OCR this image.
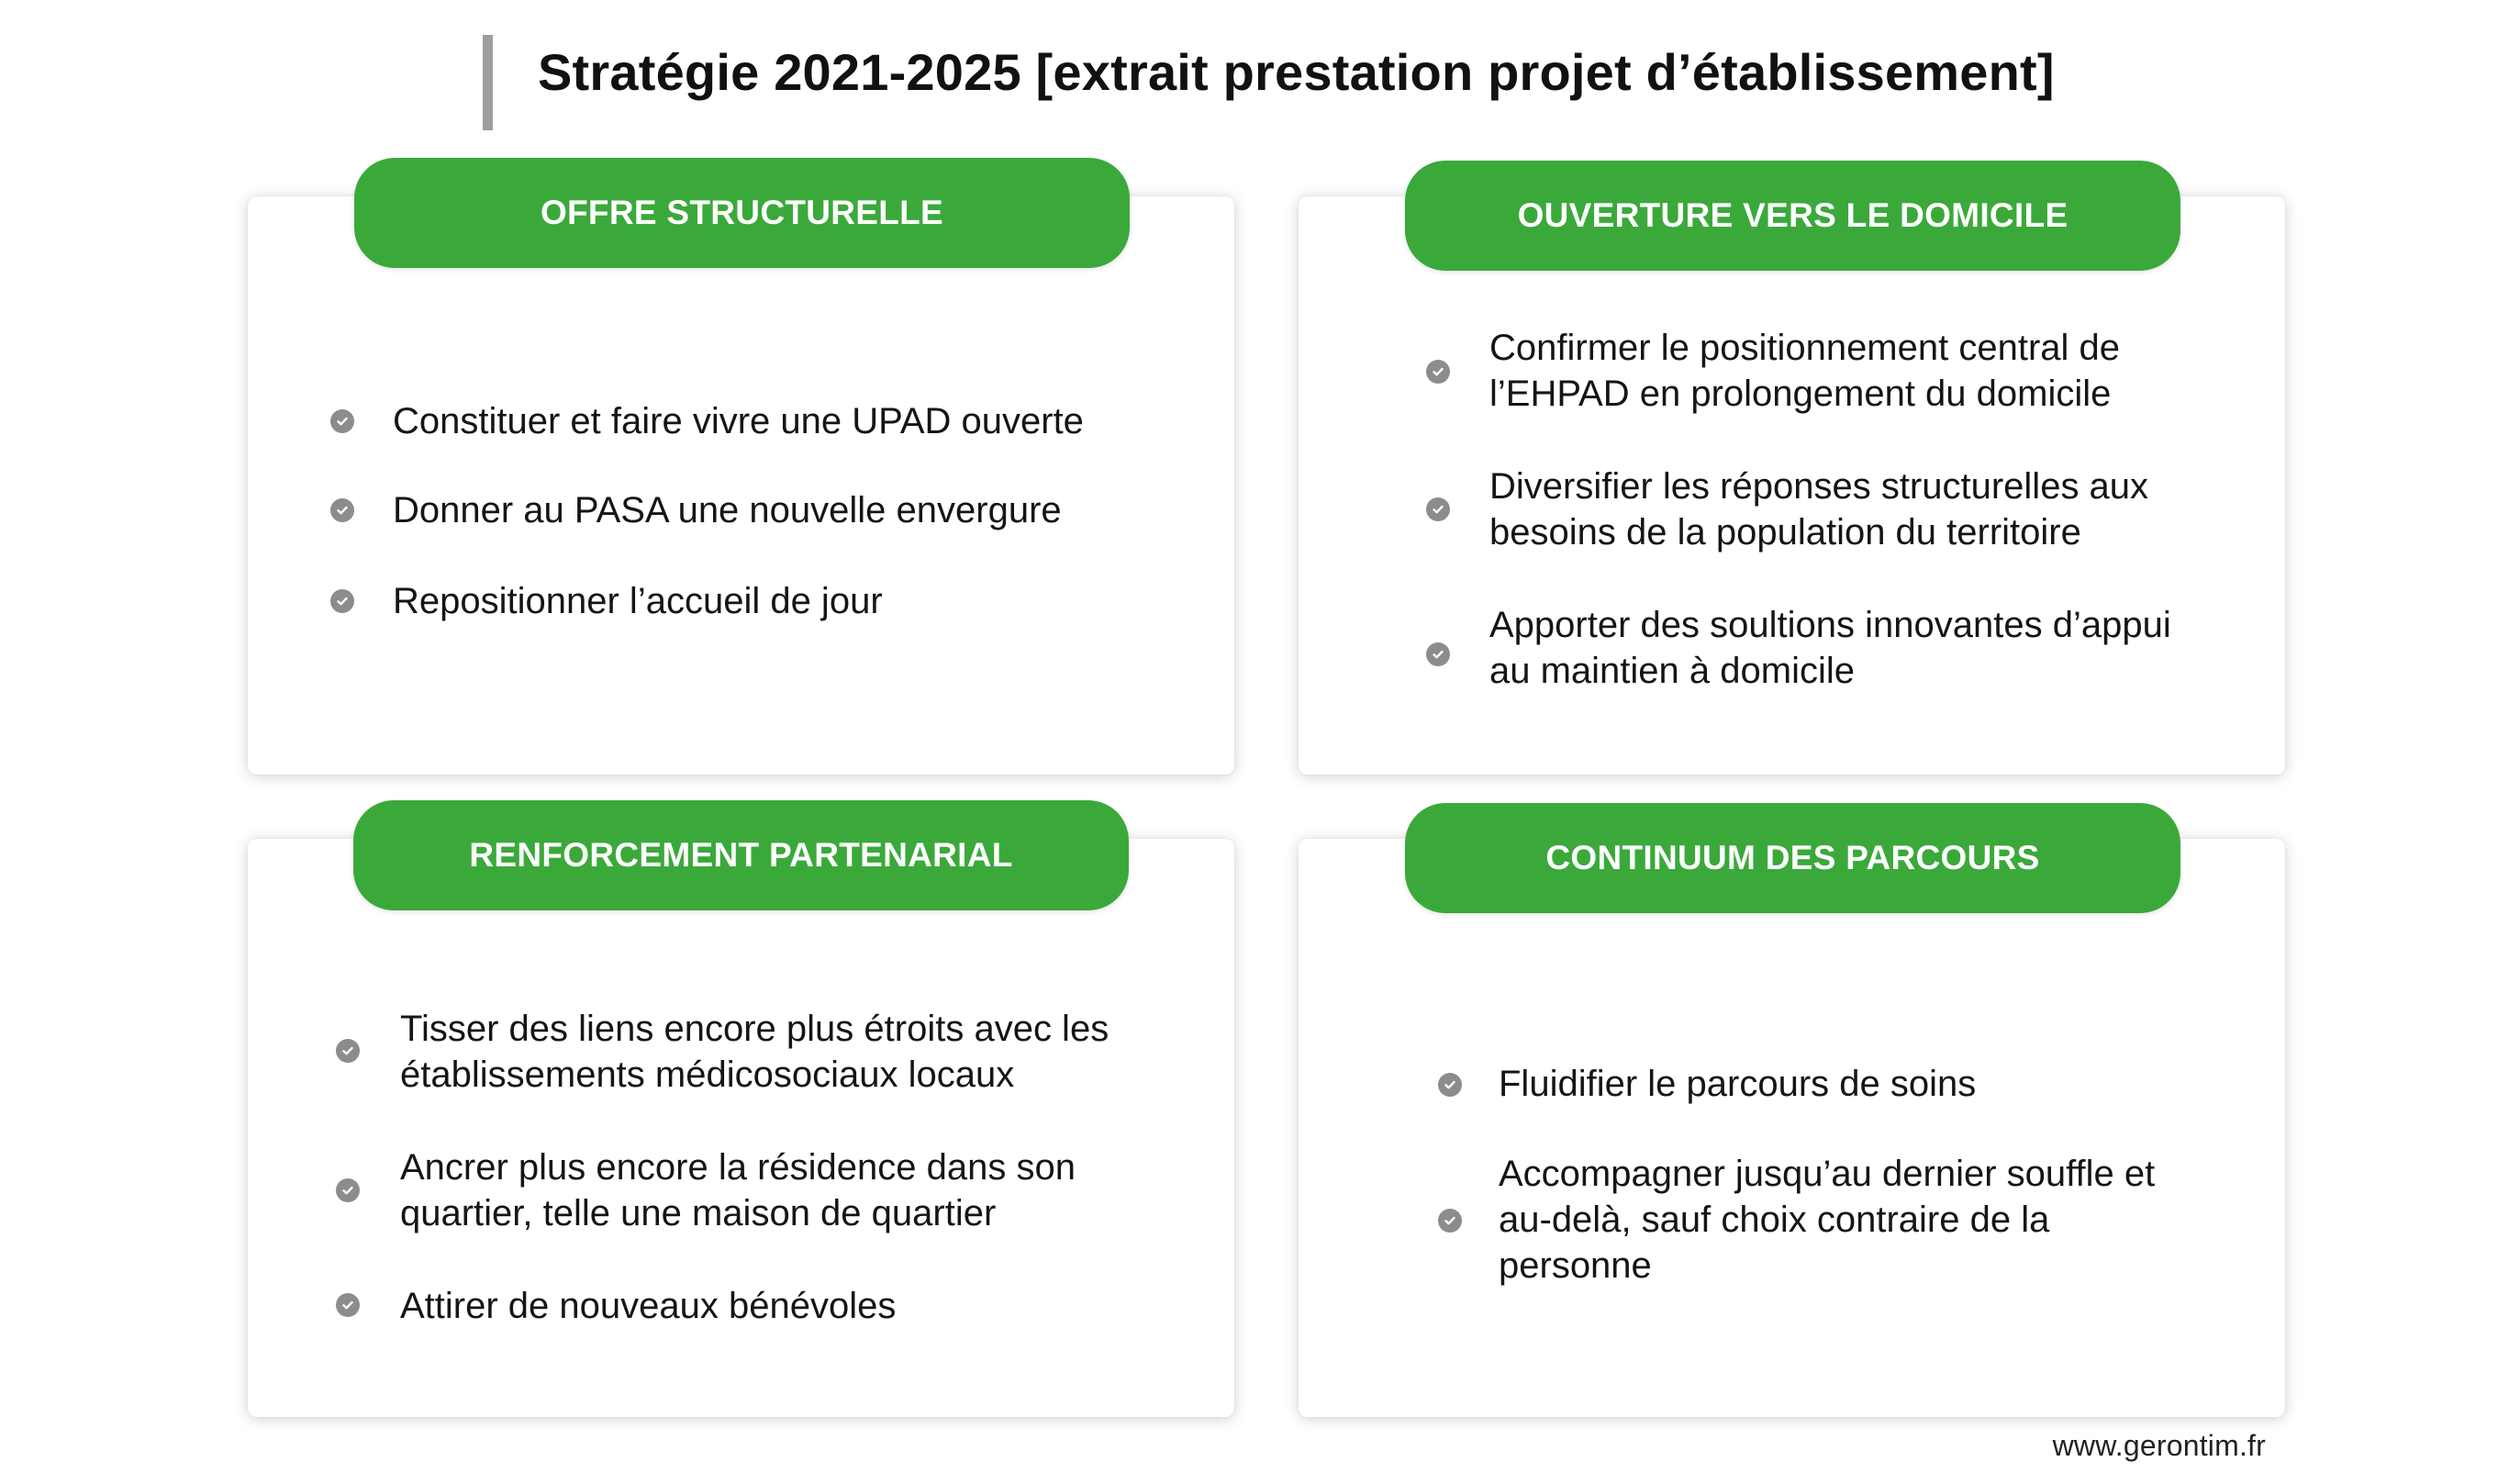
Stratégie 2021-2025 [extrait prestation projet d’établissement]
OFFRE STRUCTURELLE
Constituer et faire vivre une UPAD ouverte
Donner au PASA une nouvelle envergure
Repositionner l’accueil de jour
OUVERTURE VERS LE DOMICILE
Confirmer le positionnement central de
l’EHPAD en prolongement du domicile
Diversifier les réponses structurelles aux
besoins de la population du territoire
Apporter des soultions innovantes d’appui
au maintien à domicile
RENFORCEMENT PARTENARIAL
Tisser des liens encore plus étroits avec les
établissements médicosociaux locaux
Ancrer plus encore la résidence dans son
quartier, telle une maison de quartier
Attirer de nouveaux bénévoles
CONTINUUM DES PARCOURS
Fluidifier le parcours de soins
Accompagner jusqu’au dernier souffle et
au-delà, sauf choix contraire de la
personne
www.gerontim.fr
